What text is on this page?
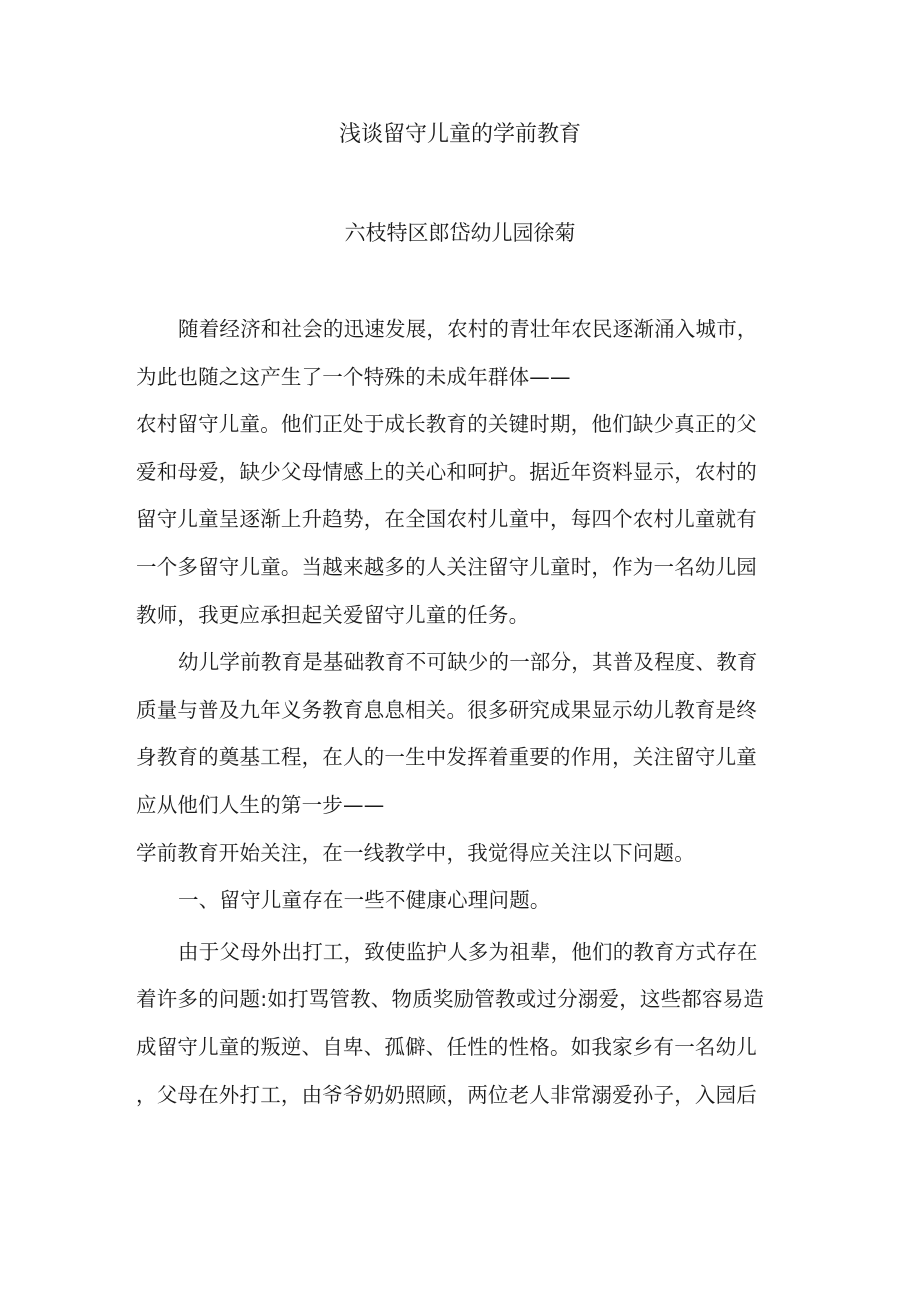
浅谈留守儿童的学前教育
六枝特区郎岱幼儿园徐菊
随着经济和社会的迅速发展，农村的青壮年农民逐渐涌入城市，
为此也随之这产生了一个特殊的未成年群体——
农村留守儿童。他们正处于成长教育的关键时期，他们缺少真正的父
爱和母爱，缺少父母情感上的关心和呵护。据近年资料显示，农村的
留守儿童呈逐渐上升趋势，在全国农村儿童中，每四个农村儿童就有
一个多留守儿童。当越来越多的人关注留守儿童时，作为一名幼儿园
教师，我更应承担起关爱留守儿童的任务。
幼儿学前教育是基础教育不可缺少的一部分，其普及程度、教育
质量与普及九年义务教育息息相关。很多研究成果显示幼儿教育是终
身教育的奠基工程，在人的一生中发挥着重要的作用，关注留守儿童
应从他们人生的第一步——
学前教育开始关注，在一线教学中，我觉得应关注以下问题。
一、留守儿童存在一些不健康心理问题。
由于父母外出打工，致使监护人多为祖辈，他们的教育方式存在
着许多的问题:如打骂管教、物质奖励管教或过分溺爱，这些都容易造
成留守儿童的叛逆、自卑、孤僻、任性的性格。如我家乡有一名幼儿
，父母在外打工，由爷爷奶奶照顾，两位老人非常溺爱孙子，入园后
